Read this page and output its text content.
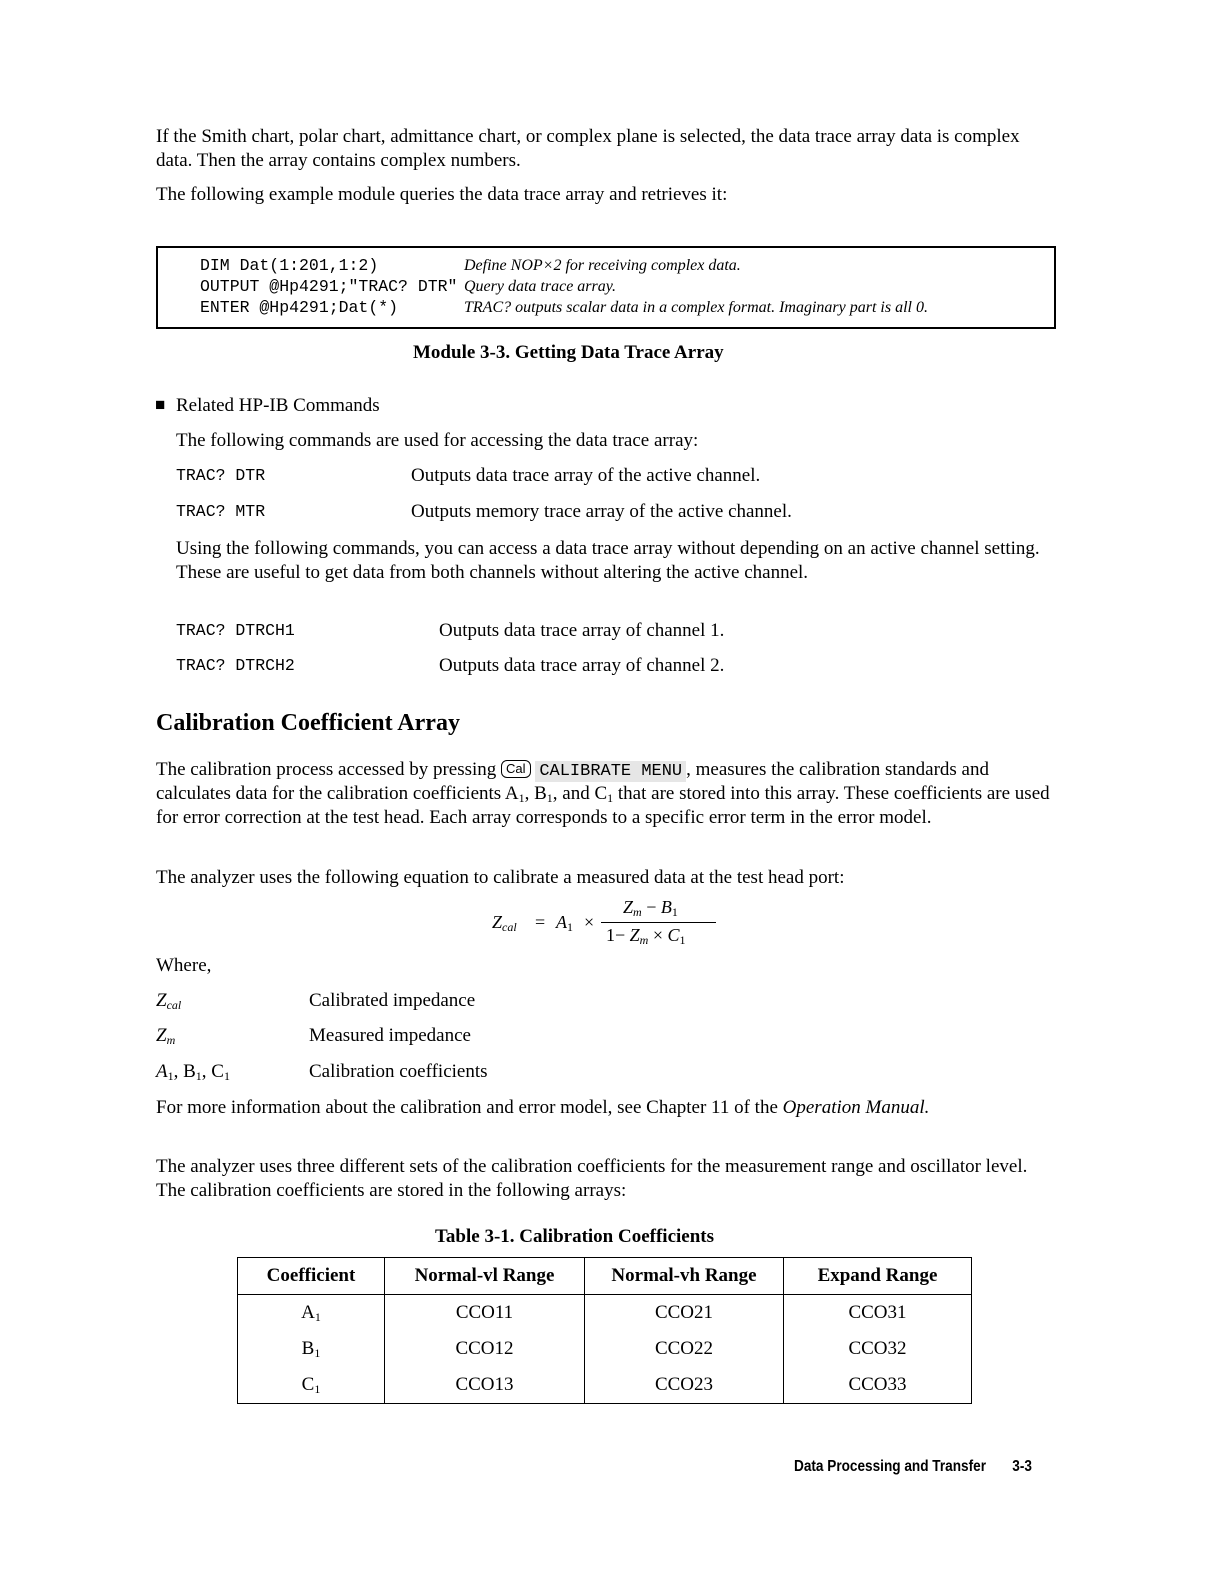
If the Smith chart, polar chart, admittance chart, or complex plane is selected, the data trace array data is complex data. Then the array contains complex numbers.
The following example module queries the data trace array and retrieves it:
DIM Dat(1:201,1:2)	Define NOP×2 for receiving complex data.
OUTPUT @Hp4291;"TRAC? DTR" Query data trace array.
ENTER @Hp4291;Dat(*)	TRAC? outputs scalar data in a complex format. Imaginary part is all 0.
Module 3-3. Getting Data Trace Array
■ Related HP-IB Commands
The following commands are used for accessing the data trace array:
TRAC? DTR	Outputs data trace array of the active channel.
TRAC? MTR	Outputs memory trace array of the active channel.
Using the following commands, you can access a data trace array without depending on an active channel setting. These are useful to get data from both channels without altering the active channel.
TRAC? DTRCH1	Outputs data trace array of channel 1.
TRAC? DTRCH2	Outputs data trace array of channel 2.
Calibration Coefficient Array
The calibration process accessed by pressing Cal CALIBRATE MENU , measures the calibration standards and calculates data for the calibration coefficients $A_1$, $B_1$, and $C_1$ that are stored into this array. These coefficients are used for error correction at the test head. Each array corresponds to a specific error term in the error model.
The analyzer uses the following equation to calibrate a measured data at the test head port:
$Z_{cal} = A_1$ ×
$Z_m - B_1$
$1- Z_m \times C_1$
Where,
$Z_{cal}$	Calibrated impedance
$Z_m$	Measured impedance
$A_1$, $B_1$, $C_1$	Calibration coefficients
For more information about the calibration and error model, see Chapter 11 of the Operation Manual.
The analyzer uses three different sets of the calibration coefficients for the measurement range and oscillator level. The calibration coefficients are stored in the following arrays:
Table 3-1. Calibration Coefficients
Coefficient	Normal-vl Range	Normal-vh Range	Expand Range
$A_1$	CCO11	CCO21	CCO31
$B_1$	CCO12	CCO22	CCO32
$C_1$	CCO13	CCO23	CCO33
Data Processing and Transfer 3-3
